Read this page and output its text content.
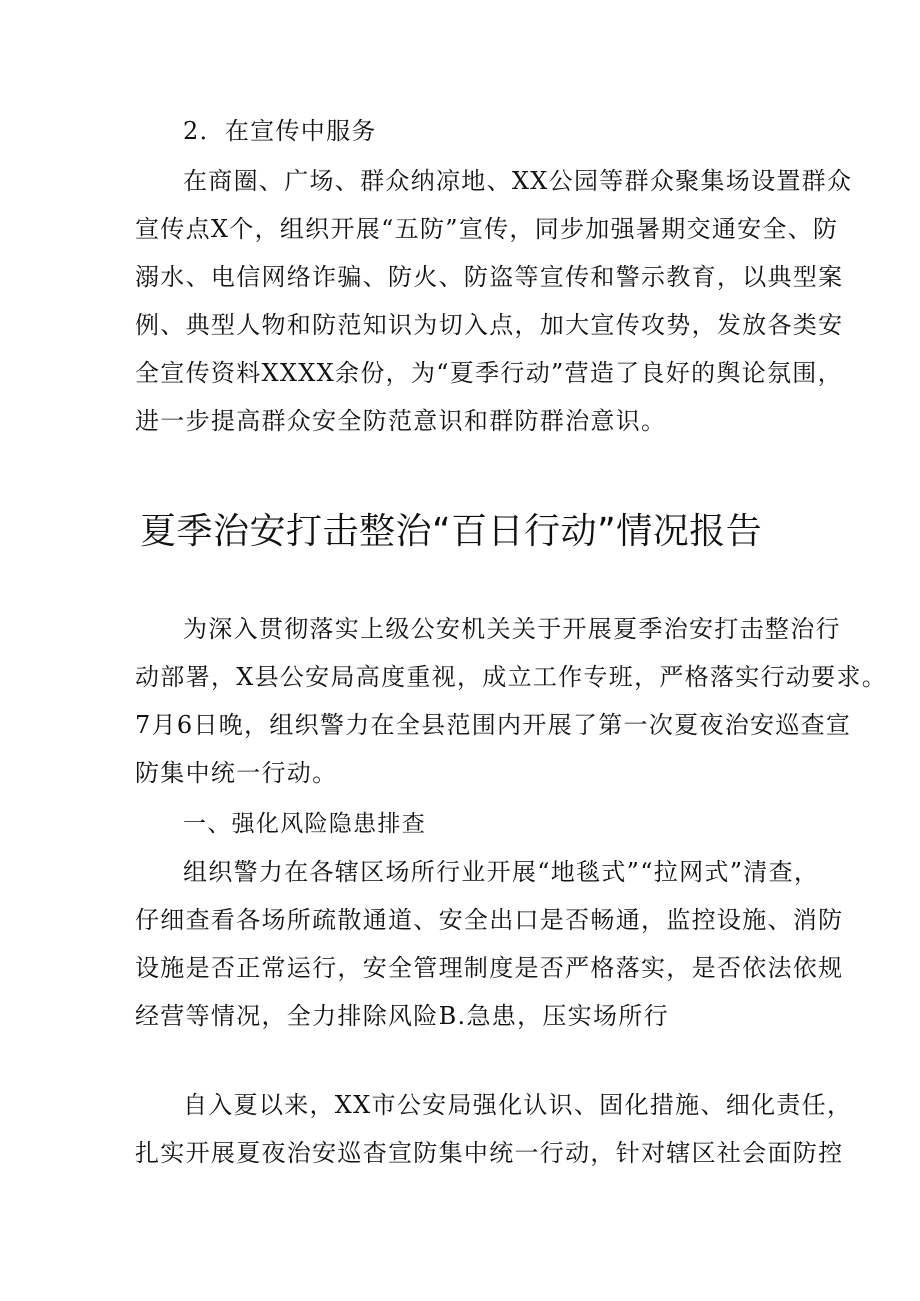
2．在宣传中服务

在商圈、广场、群众纳凉地、XX公园等群众聚集场设置群众

宣传点X个，组织开展“五防”宣传，同步加强暑期交通安全、防

溺水、电信网络诈骗、防火、防盗等宣传和警示教育，以典型案

例、典型人物和防范知识为切入点，加大宣传攻势，发放各类安

全宣传资料XXXX余份，为“夏季行动”营造了良好的舆论氛围，

进一步提高群众安全防范意识和群防群治意识。

夏季治安打击整治“百日行动”情况报告

为深入贯彻落实上级公安机关关于开展夏季治安打击整治行

动部署，X县公安局高度重视，成立工作专班，严格落实行动要求。

7月6日晚，组织警力在全县范围内开展了第一次夏夜治安巡查宣

防集中统一行动。

一、强化风险隐患排查

组织警力在各辖区场所行业开展“地毯式”“拉网式”清查，

仔细查看各场所疏散通道、安全出口是否畅通，监控设施、消防

设施是否正常运行，安全管理制度是否严格落实，是否依法依规

经营等情况，全力排除风险B.急患，压实场所行

自入夏以来，XX市公安局强化认识、固化措施、细化责任，

扎实开展夏夜治安巡杳宣防集中统一行动，针对辖区社会面防控
